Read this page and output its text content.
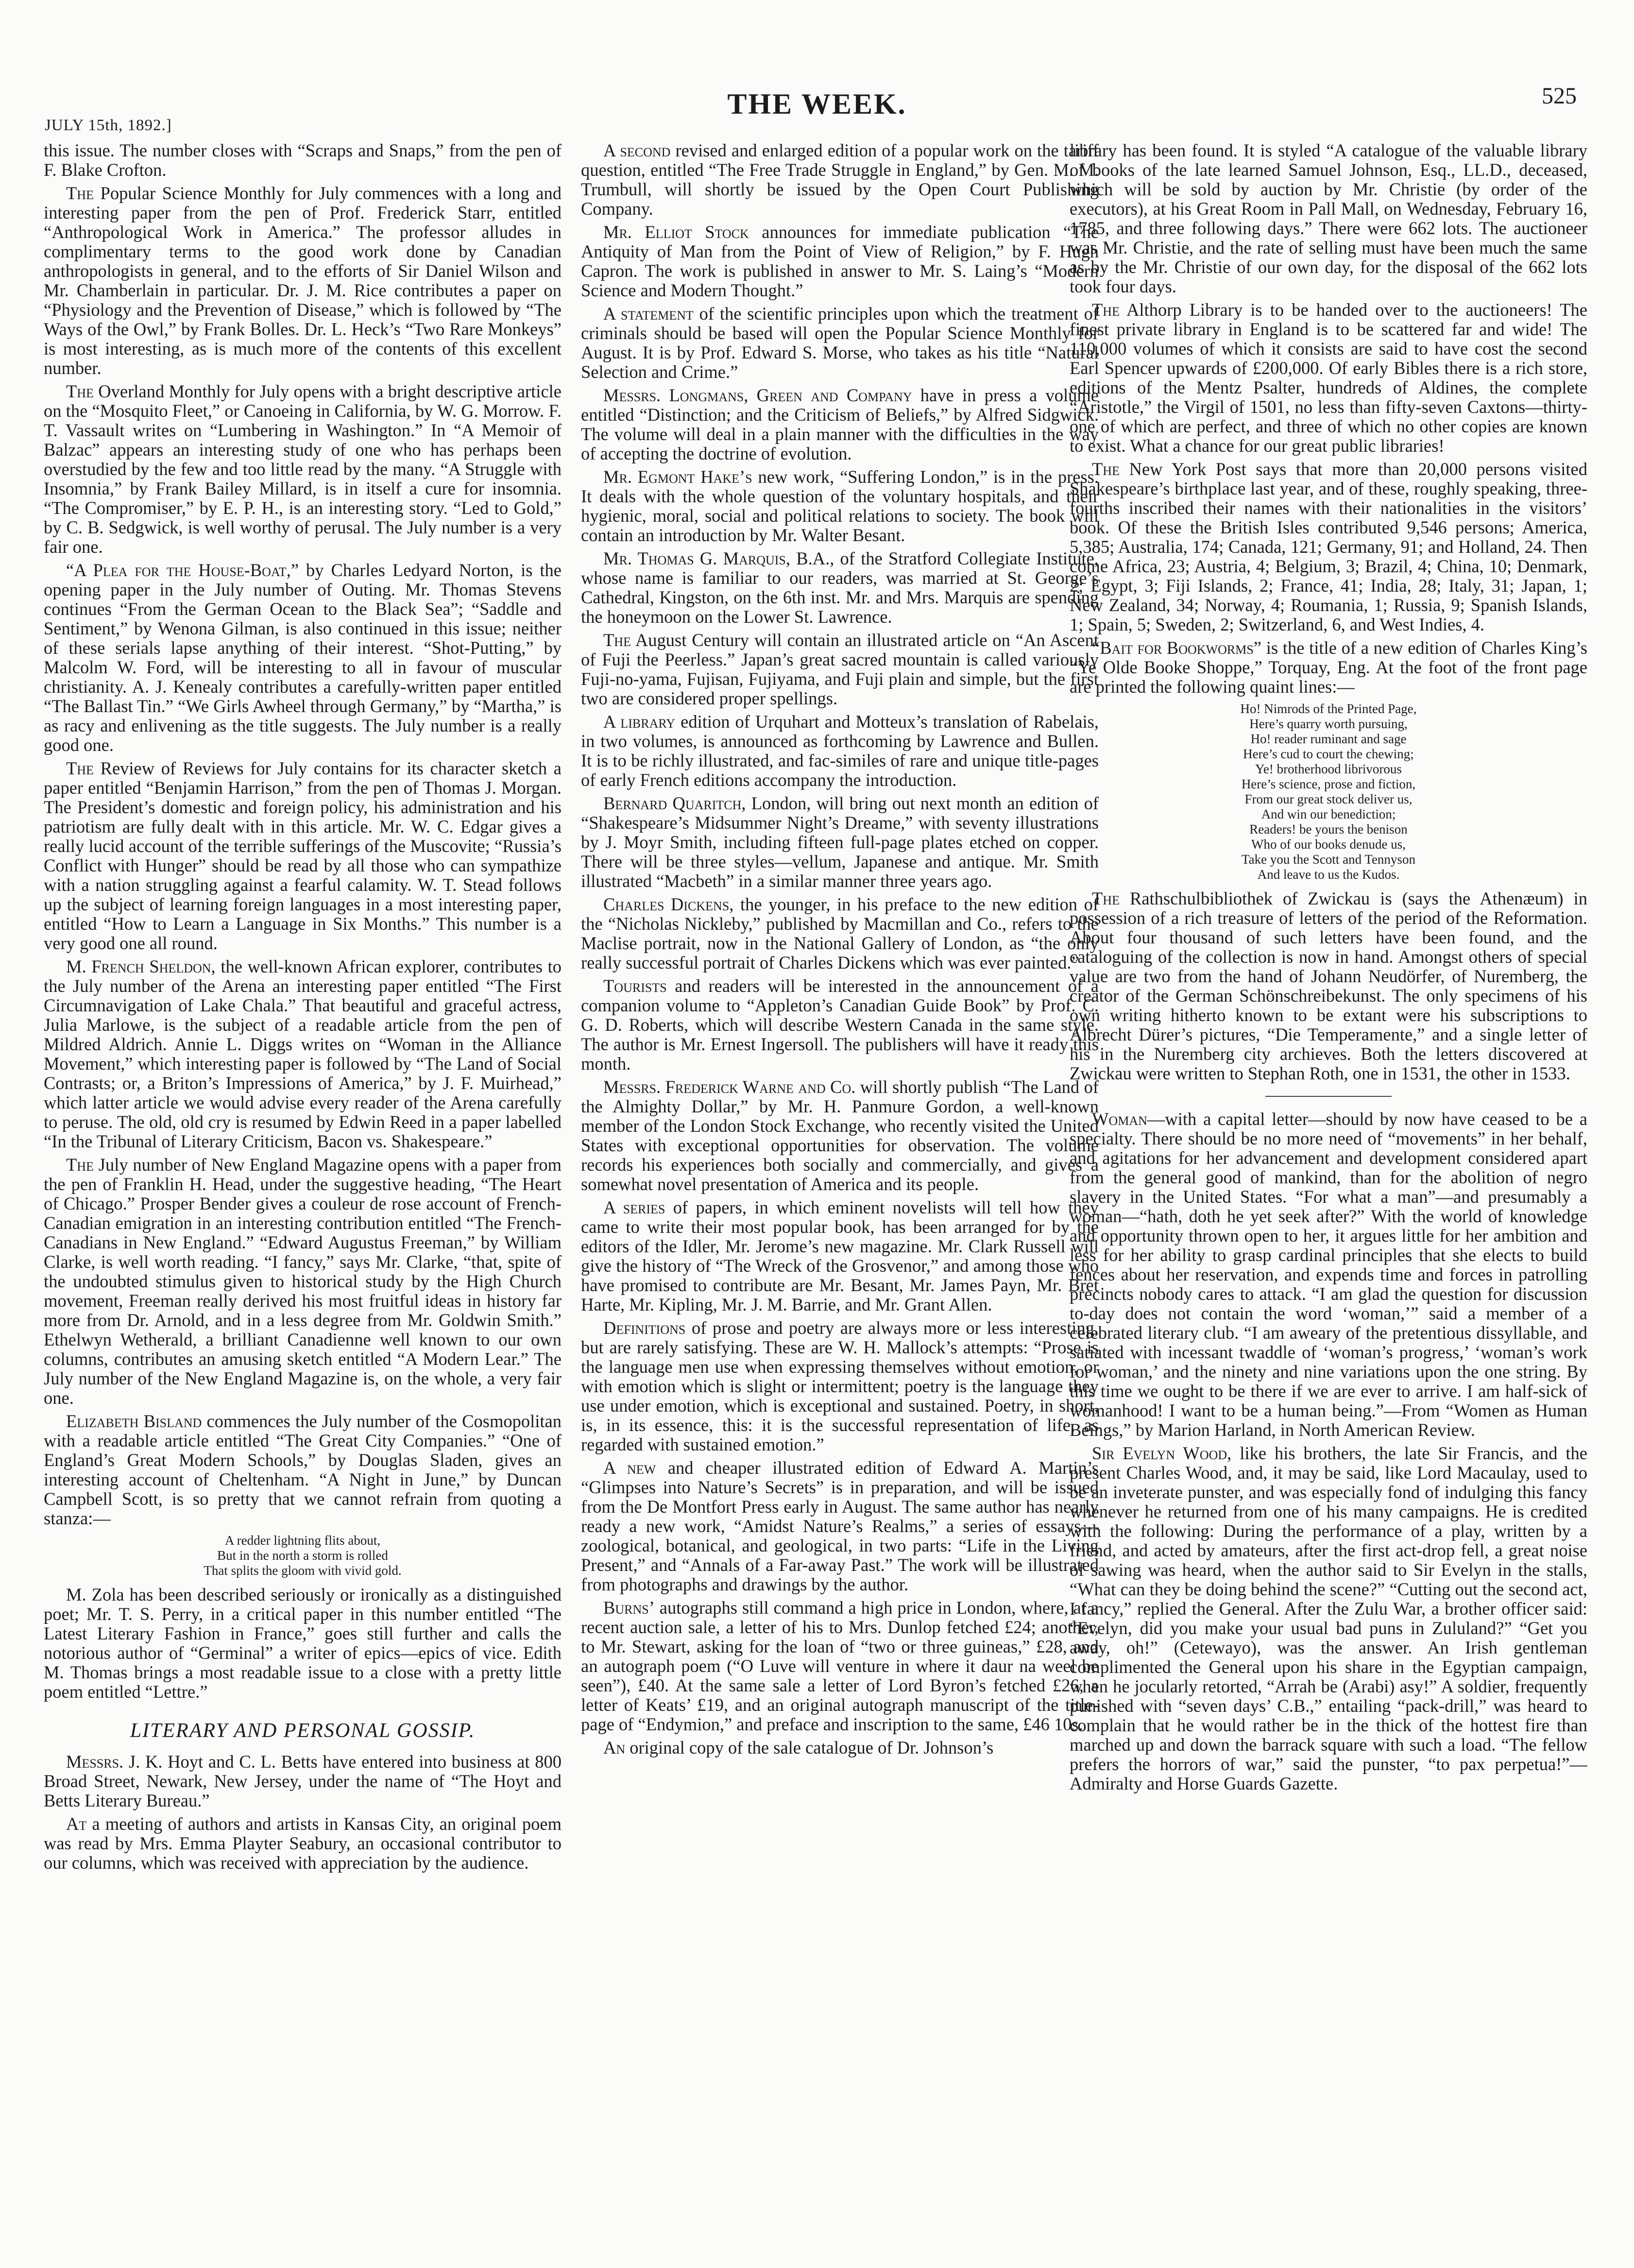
JULY 15th, 1892.]
THE WEEK.	525

this issue. The number closes with “Scraps and Snaps,” from the pen of F. Blake Crofton.

The Popular Science Monthly for July commences with a long and interesting paper from the pen of Prof. Frederick Starr, entitled “Anthropological Work in America.” The professor alludes in complimentary terms to the good work done by Canadian anthropologists in general, and to the efforts of Sir Daniel Wilson and Mr. Chamberlain in particular. Dr. J. M. Rice contributes a paper on “Physiology and the Prevention of Disease,” which is followed by “The Ways of the Owl,” by Frank Bolles. Dr. L. Heck’s “Two Rare Monkeys” is most interesting, as is much more of the contents of this excellent number.

The Overland Monthly for July opens with a bright descriptive article on the “Mosquito Fleet,” or Canoeing in California, by W. G. Morrow. F. T. Vassault writes on “Lumbering in Washington.” In “A Memoir of Balzac” appears an interesting study of one who has perhaps been overstudied by the few and too little read by the many. “A Struggle with Insomnia,” by Frank Bailey Millard, is in itself a cure for insomnia. “The Compromiser,” by E. P. H., is an interesting story. “Led to Gold,” by C. B. Sedgwick, is well worthy of perusal. The July number is a very fair one.

“A Plea for the House-Boat,” by Charles Ledyard Norton, is the opening paper in the July number of Outing. Mr. Thomas Stevens continues “From the German Ocean to the Black Sea”; “Saddle and Sentiment,” by Wenona Gilman, is also continued in this issue; neither of these serials lapse anything of their interest. “Shot-Putting,” by Malcolm W. Ford, will be interesting to all in favour of muscular christianity. A. J. Kenealy contributes a carefully-written paper entitled “The Ballast Tin.” “We Girls Awheel through Germany,” by “Martha,” is as racy and enlivening as the title suggests. The July number is a really good one.

The Review of Reviews for July contains for its character sketch a paper entitled “Benjamin Harrison,” from the pen of Thomas J. Morgan. The President’s domestic and foreign policy, his administration and his patriotism are fully dealt with in this article. Mr. W. C. Edgar gives a really lucid account of the terrible sufferings of the Muscovite; “Russia’s Conflict with Hunger” should be read by all those who can sympathize with a nation struggling against a fearful calamity. W. T. Stead follows up the subject of learning foreign languages in a most interesting paper, entitled “How to Learn a Language in Six Months.” This number is a very good one all round.

M. French Sheldon, the well-known African explorer, contributes to the July number of the Arena an interesting paper entitled “The First Circumnavigation of Lake Chala.” That beautiful and graceful actress, Julia Marlowe, is the subject of a readable article from the pen of Mildred Aldrich. Annie L. Diggs writes on “Woman in the Alliance Movement,” which interesting paper is followed by “The Land of Social Contrasts; or, a Briton’s Impressions of America,” by J. F. Muirhead,” which latter article we would advise every reader of the Arena carefully to peruse. The old, old cry is resumed by Edwin Reed in a paper labelled “In the Tribunal of Literary Criticism, Bacon vs. Shakespeare.”

The July number of New England Magazine opens with a paper from the pen of Franklin H. Head, under the suggestive heading, “The Heart of Chicago.” Prosper Bender gives a couleur de rose account of French-Canadian emigration in an interesting contribution entitled “The French-Canadians in New England.” “Edward Augustus Freeman,” by William Clarke, is well worth reading. “I fancy,” says Mr. Clarke, “that, spite of the undoubted stimulus given to historical study by the High Church movement, Freeman really derived his most fruitful ideas in history far more from Dr. Arnold, and in a less degree from Mr. Goldwin Smith.” Ethelwyn Wetherald, a brilliant Canadienne well known to our own columns, contributes an amusing sketch entitled “A Modern Lear.” The July number of the New England Magazine is, on the whole, a very fair one.

Elizabeth Bisland commences the July number of the Cosmopolitan with a readable article entitled “The Great City Companies.” “One of England’s Great Modern Schools,” by Douglas Sladen, gives an interesting account of Cheltenham. “A Night in June,” by Duncan Campbell Scott, is so pretty that we cannot refrain from quoting a stanza:—

A redder lightning flits about,
But in the north a storm is rolled
That splits the gloom with vivid gold.

M. Zola has been described seriously or ironically as a distinguished poet; Mr. T. S. Perry, in a critical paper in this number entitled “The Latest Literary Fashion in France,” goes still further and calls the notorious author of “Germinal” a writer of epics—epics of vice. Edith M. Thomas brings a most readable issue to a close with a pretty little poem entitled “Lettre.”

LITERARY AND PERSONAL GOSSIP.

Messrs. J. K. Hoyt and C. L. Betts have entered into business at 800 Broad Street, Newark, New Jersey, under the name of “The Hoyt and Betts Literary Bureau.”

At a meeting of authors and artists in Kansas City, an original poem was read by Mrs. Emma Playter Seabury, an occasional contributor to our columns, which was received with appreciation by the audience.

A second revised and enlarged edition of a popular work on the tariff question, entitled “The Free Trade Struggle in England,” by Gen. M. M. Trumbull, will shortly be issued by the Open Court Publishing Company.

Mr. Elliot Stock announces for immediate publication “The Antiquity of Man from the Point of View of Religion,” by F. Hugh Capron. The work is published in answer to Mr. S. Laing’s “Modern Science and Modern Thought.”

A statement of the scientific principles upon which the treatment of criminals should be based will open the Popular Science Monthly for August. It is by Prof. Edward S. Morse, who takes as his title “Natural Selection and Crime.”

Messrs. Longmans, Green and Company have in press a volume entitled “Distinction; and the Criticism of Beliefs,” by Alfred Sidgwick. The volume will deal in a plain manner with the difficulties in the way of accepting the doctrine of evolution.

Mr. Egmont Hake’s new work, “Suffering London,” is in the press. It deals with the whole question of the voluntary hospitals, and their hygienic, moral, social and political relations to society. The book will contain an introduction by Mr. Walter Besant.

Mr. Thomas G. Marquis, B.A., of the Stratford Collegiate Institute, whose name is familiar to our readers, was married at St. George’s Cathedral, Kingston, on the 6th inst. Mr. and Mrs. Marquis are spending the honeymoon on the Lower St. Lawrence.

The August Century will contain an illustrated article on “An Ascent of Fuji the Peerless.” Japan’s great sacred mountain is called variously Fuji-no-yama, Fujisan, Fujiyama, and Fuji plain and simple, but the first two are considered proper spellings.

A library edition of Urquhart and Motteux’s translation of Rabelais, in two volumes, is announced as forthcoming by Lawrence and Bullen. It is to be richly illustrated, and fac-similes of rare and unique title-pages of early French editions accompany the introduction.

Bernard Quaritch, London, will bring out next month an edition of “Shakespeare’s Midsummer Night’s Dreame,” with seventy illustrations by J. Moyr Smith, including fifteen full-page plates etched on copper. There will be three styles—vellum, Japanese and antique. Mr. Smith illustrated “Macbeth” in a similar manner three years ago.

Charles Dickens, the younger, in his preface to the new edition of the “Nicholas Nickleby,” published by Macmillan and Co., refers to the Maclise portrait, now in the National Gallery of London, as “the only really successful portrait of Charles Dickens which was ever painted.”

Tourists and readers will be interested in the announcement of a companion volume to “Appleton’s Canadian Guide Book” by Prof. C. G. D. Roberts, which will describe Western Canada in the same style. The author is Mr. Ernest Ingersoll. The publishers will have it ready this month.

Messrs. Frederick Warne and Co. will shortly publish “The Land of the Almighty Dollar,” by Mr. H. Panmure Gordon, a well-known member of the London Stock Exchange, who recently visited the United States with exceptional opportunities for observation. The volume records his experiences both socially and commercially, and gives a somewhat novel presentation of America and its people.

A series of papers, in which eminent novelists will tell how they came to write their most popular book, has been arranged for by the editors of the Idler, Mr. Jerome’s new magazine. Mr. Clark Russell will give the history of “The Wreck of the Grosvenor,” and among those who have promised to contribute are Mr. Besant, Mr. James Payn, Mr. Bret Harte, Mr. Kipling, Mr. J. M. Barrie, and Mr. Grant Allen.

Definitions of prose and poetry are always more or less interesting, but are rarely satisfying. These are W. H. Mallock’s attempts: “Prose is the language men use when expressing themselves without emotion, or with emotion which is slight or intermittent; poetry is the language they use under emotion, which is exceptional and sustained. Poetry, in short, is, in its essence, this: it is the successful representation of life, as regarded with sustained emotion.”

A new and cheaper illustrated edition of Edward A. Martin’s “Glimpses into Nature’s Secrets” is in preparation, and will be issued from the De Montfort Press early in August. The same author has nearly ready a new work, “Amidst Nature’s Realms,” a series of essays—zoological, botanical, and geological, in two parts: “Life in the Living Present,” and “Annals of a Far-away Past.” The work will be illustrated from photographs and drawings by the author.

Burns’ autographs still command a high price in London, where, at a recent auction sale, a letter of his to Mrs. Dunlop fetched £24; another, to Mr. Stewart, asking for the loan of “two or three guineas,” £28, and an autograph poem (“O Luve will venture in where it daur na weel be seen”), £40. At the same sale a letter of Lord Byron’s fetched £26, a letter of Keats’ £19, and an original autograph manuscript of the title-page of “Endymion,” and preface and inscription to the same, £46 10s.

An original copy of the sale catalogue of Dr. Johnson’s

library has been found. It is styled “A catalogue of the valuable library of books of the late learned Samuel Johnson, Esq., LL.D., deceased, which will be sold by auction by Mr. Christie (by order of the executors), at his Great Room in Pall Mall, on Wednesday, February 16, 1785, and three following days.” There were 662 lots. The auctioneer was Mr. Christie, and the rate of selling must have been much the same as by the Mr. Christie of our own day, for the disposal of the 662 lots took four days.

The Althorp Library is to be handed over to the auctioneers! The finest private library in England is to be scattered far and wide! The 110,000 volumes of which it consists are said to have cost the second Earl Spencer upwards of £200,000. Of early Bibles there is a rich store, editions of the Mentz Psalter, hundreds of Aldines, the complete “Aristotle,” the Virgil of 1501, no less than fifty-seven Caxtons—thirty-one of which are perfect, and three of which no other copies are known to exist. What a chance for our great public libraries!

The New York Post says that more than 20,000 persons visited Shakespeare’s birthplace last year, and of these, roughly speaking, three-fourths inscribed their names with their nationalities in the visitors’ book. Of these the British Isles contributed 9,546 persons; America, 5,385; Australia, 174; Canada, 121; Germany, 91; and Holland, 24. Then come Africa, 23; Austria, 4; Belgium, 3; Brazil, 4; China, 10; Denmark, 2; Egypt, 3; Fiji Islands, 2; France, 41; India, 28; Italy, 31; Japan, 1; New Zealand, 34; Norway, 4; Roumania, 1; Russia, 9; Spanish Islands, 1; Spain, 5; Sweden, 2; Switzerland, 6, and West Indies, 4.

“Bait for Bookworms” is the title of a new edition of Charles King’s “Ye Olde Booke Shoppe,” Torquay, Eng. At the foot of the front page are printed the following quaint lines:—

Ho! Nimrods of the Printed Page,
Here’s quarry worth pursuing,
Ho! reader ruminant and sage
Here’s cud to court the chewing;
Ye! brotherhood librivorous
Here’s science, prose and fiction,
From our great stock deliver us,
And win our benediction;
Readers! be yours the benison
Who of our books denude us,
Take you the Scott and Tennyson
And leave to us the Kudos.

The Rathschulbibliothek of Zwickau is (says the Athenæum) in possession of a rich treasure of letters of the period of the Reformation. About four thousand of such letters have been found, and the cataloguing of the collection is now in hand. Amongst others of special value are two from the hand of Johann Neudörfer, of Nuremberg, the creator of the German Schönschreibekunst. The only specimens of his own writing hitherto known to be extant were his subscriptions to Albrecht Dürer’s pictures, “Die Temperamente,” and a single letter of his in the Nuremberg city archieves. Both the letters discovered at Zwickau were written to Stephan Roth, one in 1531, the other in 1533.

Woman—with a capital letter—should by now have ceased to be a specialty. There should be no more need of “movements” in her behalf, and agitations for her advancement and development considered apart from the general good of mankind, than for the abolition of negro slavery in the United States. “For what a man”—and presumably a woman—“hath, doth he yet seek after?” With the world of knowledge and opportunity thrown open to her, it argues little for her ambition and less for her ability to grasp cardinal principles that she elects to build fences about her reservation, and expends time and forces in patrolling precincts nobody cares to attack. “I am glad the question for discussion to-day does not contain the word ‘woman,’” said a member of a celebrated literary club. “I am aweary of the pretentious dissyllable, and satiated with incessant twaddle of ‘woman’s progress,’ ‘woman’s work for woman,’ and the ninety and nine variations upon the one string. By this time we ought to be there if we are ever to arrive. I am half-sick of womanhood! I want to be a human being.”—From “Women as Human Beings,” by Marion Harland, in North American Review.

Sir Evelyn Wood, like his brothers, the late Sir Francis, and the present Charles Wood, and, it may be said, like Lord Macaulay, used to be an inveterate punster, and was especially fond of indulging this fancy whenever he returned from one of his many campaigns. He is credited with the following: During the performance of a play, written by a friend, and acted by amateurs, after the first act-drop fell, a great noise of sawing was heard, when the author said to Sir Evelyn in the stalls, “What can they be doing behind the scene?” “Cutting out the second act, I fancy,” replied the General. After the Zulu War, a brother officer said: “Evelyn, did you make your usual bad puns in Zululand?” “Get you away, oh!” (Cetewayo), was the answer. An Irish gentleman complimented the General upon his share in the Egyptian campaign, when he jocularly retorted, “Arrah be (Arabi) asy!” A soldier, frequently punished with “seven days’ C.B.,” entailing “pack-drill,” was heard to complain that he would rather be in the thick of the hottest fire than marched up and down the barrack square with such a load. “The fellow prefers the horrors of war,” said the punster, “to pax perpetua!”—Admiralty and Horse Guards Gazette.
